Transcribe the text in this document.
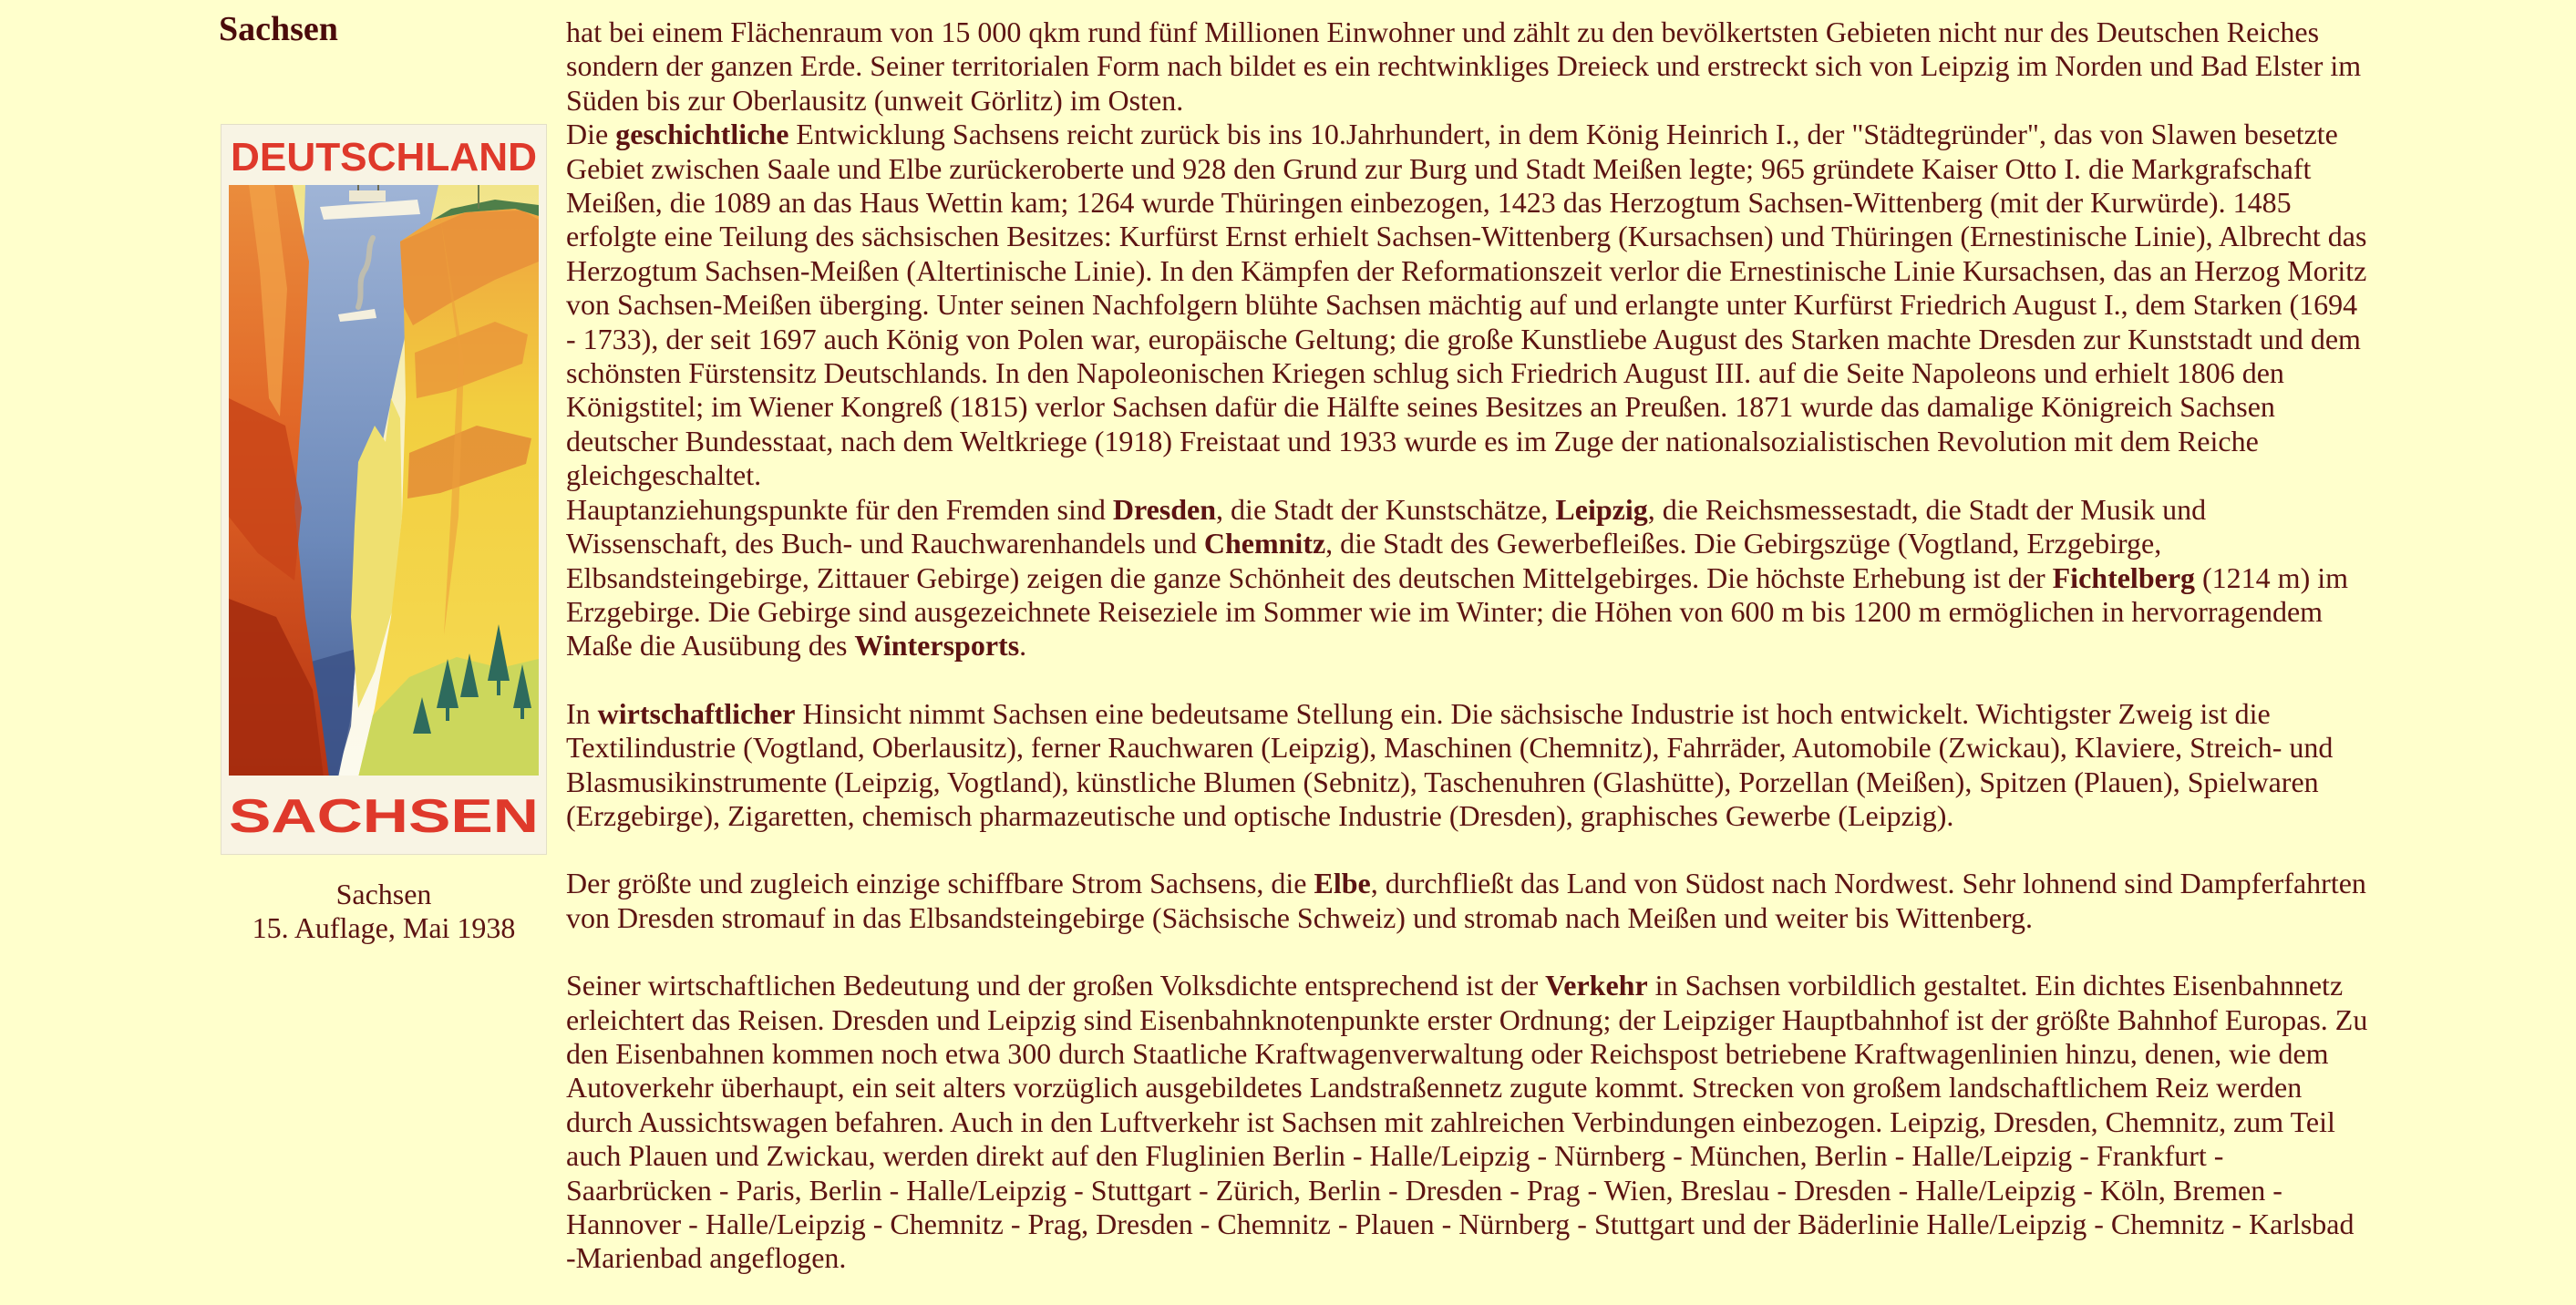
Sachsen
DEUTSCHLAND
SACHSEN
Sachsen
15. Auflage, Mai 1938

hat bei einem Flächenraum von 15 000 qkm rund fünf Millionen Einwohner und zählt zu den bevölkertsten Gebieten nicht nur des Deutschen Reiches sondern der ganzen Erde. Seiner territorialen Form nach bildet es ein rechtwinkliges Dreieck und erstreckt sich von Leipzig im Norden und Bad Elster im Süden bis zur Oberlausitz (unweit Görlitz) im Osten.

Die geschichtliche Entwicklung Sachsens reicht zurück bis ins 10.Jahrhundert, in dem König Heinrich I., der "Städtegründer", das von Slawen besetzte Gebiet zwischen Saale und Elbe zurückeroberte und 928 den Grund zur Burg und Stadt Meißen legte; 965 gründete Kaiser Otto I. die Markgrafschaft Meißen, die 1089 an das Haus Wettin kam; 1264 wurde Thüringen einbezogen, 1423 das Herzogtum Sachsen-Wittenberg (mit der Kurwürde). 1485 erfolgte eine Teilung des sächsischen Besitzes: Kurfürst Ernst erhielt Sachsen-Wittenberg (Kursachsen) und Thüringen (Ernestinische Linie), Albrecht das Herzogtum Sachsen-Meißen (Altertinische Linie). In den Kämpfen der Reformationszeit verlor die Ernestinische Linie Kursachsen, das an Herzog Moritz von Sachsen-Meißen überging. Unter seinen Nachfolgern blühte Sachsen mächtig auf und erlangte unter Kurfürst Friedrich August I., dem Starken (1694 - 1733), der seit 1697 auch König von Polen war, europäische Geltung; die große Kunstliebe August des Starken machte Dresden zur Kunststadt und dem schönsten Fürstensitz Deutschlands. In den Napoleonischen Kriegen schlug sich Friedrich August III. auf die Seite Napoleons und erhielt 1806 den Königstitel; im Wiener Kongreß (1815) verlor Sachsen dafür die Hälfte seines Besitzes an Preußen. 1871 wurde das damalige Königreich Sachsen deutscher Bundesstaat, nach dem Weltkriege (1918) Freistaat und 1933 wurde es im Zuge der nationalsozialistischen Revolution mit dem Reiche gleichgeschaltet.

Hauptanziehungspunkte für den Fremden sind Dresden, die Stadt der Kunstschätze, Leipzig, die Reichsmessestadt, die Stadt der Musik und Wissenschaft, des Buch- und Rauchwarenhandels und Chemnitz, die Stadt des Gewerbefleißes. Die Gebirgszüge (Vogtland, Erzgebirge, Elbsandsteingebirge, Zittauer Gebirge) zeigen die ganze Schönheit des deutschen Mittelgebirges. Die höchste Erhebung ist der Fichtelberg (1214 m) im Erzgebirge. Die Gebirge sind ausgezeichnete Reiseziele im Sommer wie im Winter; die Höhen von 600 m bis 1200 m ermöglichen in hervorragendem Maße die Ausübung des Wintersports.

In wirtschaftlicher Hinsicht nimmt Sachsen eine bedeutsame Stellung ein. Die sächsische Industrie ist hoch entwickelt. Wichtigster Zweig ist die Textilindustrie (Vogtland, Oberlausitz), ferner Rauchwaren (Leipzig), Maschinen (Chemnitz), Fahrräder, Automobile (Zwickau), Klaviere, Streich- und Blasmusikinstrumente (Leipzig, Vogtland), künstliche Blumen (Sebnitz), Taschenuhren (Glashütte), Porzellan (Meißen), Spitzen (Plauen), Spielwaren (Erzgebirge), Zigaretten, chemisch pharmazeutische und optische Industrie (Dresden), graphisches Gewerbe (Leipzig).

Der größte und zugleich einzige schiffbare Strom Sachsens, die Elbe, durchfließt das Land von Südost nach Nordwest. Sehr lohnend sind Dampferfahrten von Dresden stromauf in das Elbsandsteingebirge (Sächsische Schweiz) und stromab nach Meißen und weiter bis Wittenberg.

Seiner wirtschaftlichen Bedeutung und der großen Volksdichte entsprechend ist der Verkehr in Sachsen vorbildlich gestaltet. Ein dichtes Eisenbahnnetz erleichtert das Reisen. Dresden und Leipzig sind Eisenbahnknotenpunkte erster Ordnung; der Leipziger Hauptbahnhof ist der größte Bahnhof Europas. Zu den Eisenbahnen kommen noch etwa 300 durch Staatliche Kraftwagenverwaltung oder Reichspost betriebene Kraftwagenlinien hinzu, denen, wie dem Autoverkehr überhaupt, ein seit alters vorzüglich ausgebildetes Landstraßennetz zugute kommt. Strecken von großem landschaftlichem Reiz werden durch Aussichtswagen befahren. Auch in den Luftverkehr ist Sachsen mit zahlreichen Verbindungen einbezogen. Leipzig, Dresden, Chemnitz, zum Teil auch Plauen und Zwickau, werden direkt auf den Fluglinien Berlin - Halle/Leipzig - Nürnberg - München, Berlin - Halle/Leipzig - Frankfurt - Saarbrücken - Paris, Berlin - Halle/Leipzig - Stuttgart - Zürich, Berlin - Dresden - Prag - Wien, Breslau - Dresden - Halle/Leipzig - Köln, Bremen - Hannover - Halle/Leipzig - Chemnitz - Prag, Dresden - Chemnitz - Plauen - Nürnberg - Stuttgart und der Bäderlinie Halle/Leipzig - Chemnitz - Karlsbad -Marienbad angeflogen.
